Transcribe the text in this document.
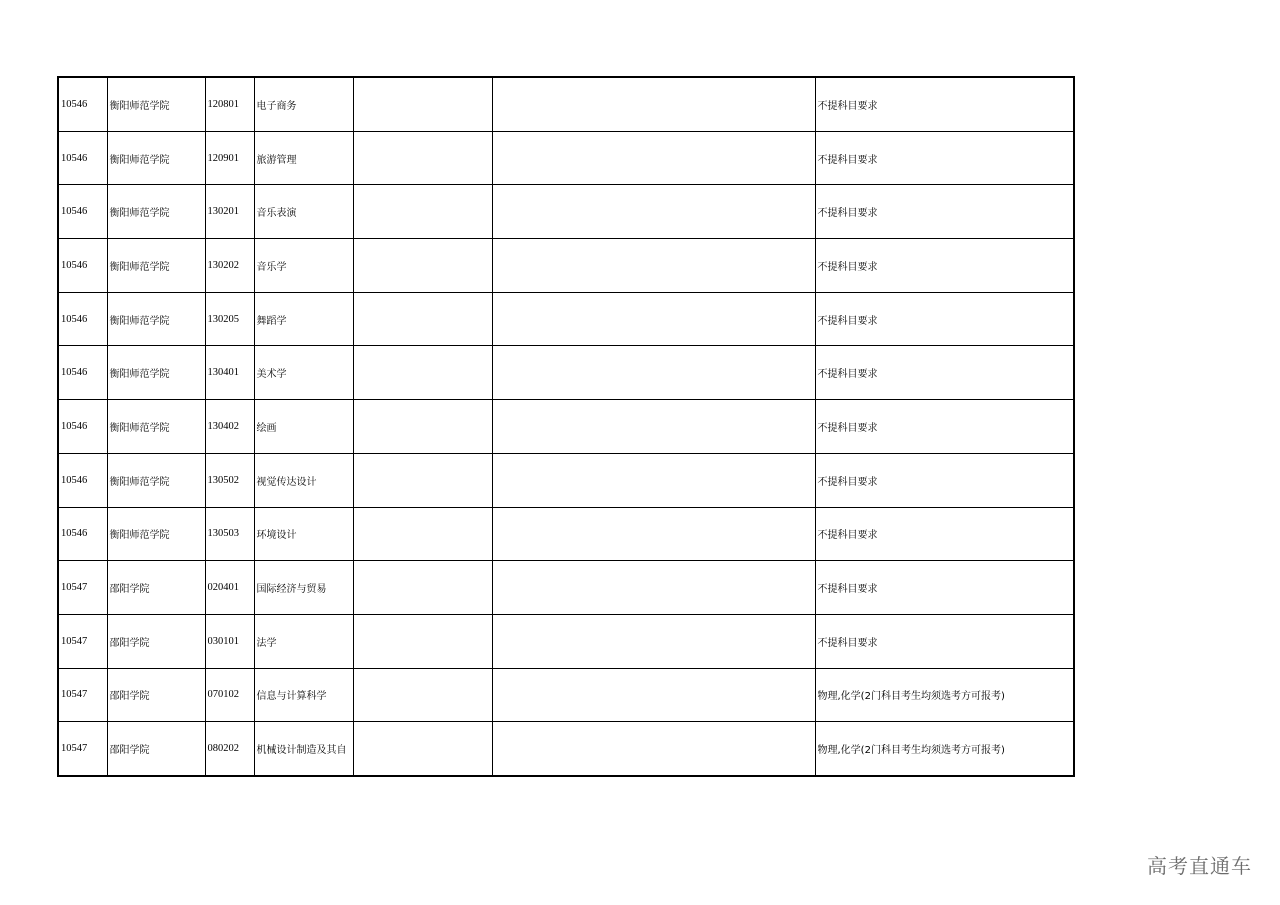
10546	衡阳师范学院	120801	电子商务			不提科目要求
10546	衡阳师范学院	120901	旅游管理			不提科目要求
10546	衡阳师范学院	130201	音乐表演			不提科目要求
10546	衡阳师范学院	130202	音乐学			不提科目要求
10546	衡阳师范学院	130205	舞蹈学			不提科目要求
10546	衡阳师范学院	130401	美术学			不提科目要求
10546	衡阳师范学院	130402	绘画			不提科目要求
10546	衡阳师范学院	130502	视觉传达设计			不提科目要求
10546	衡阳师范学院	130503	环境设计			不提科目要求
10547	邵阳学院	020401	国际经济与贸易			不提科目要求
10547	邵阳学院	030101	法学			不提科目要求
10547	邵阳学院	070102	信息与计算科学			物理,化学(2门科目考生均须选考方可报考)
10547	邵阳学院	080202	机械设计制造及其自			物理,化学(2门科目考生均须选考方可报考)
高考直通车
